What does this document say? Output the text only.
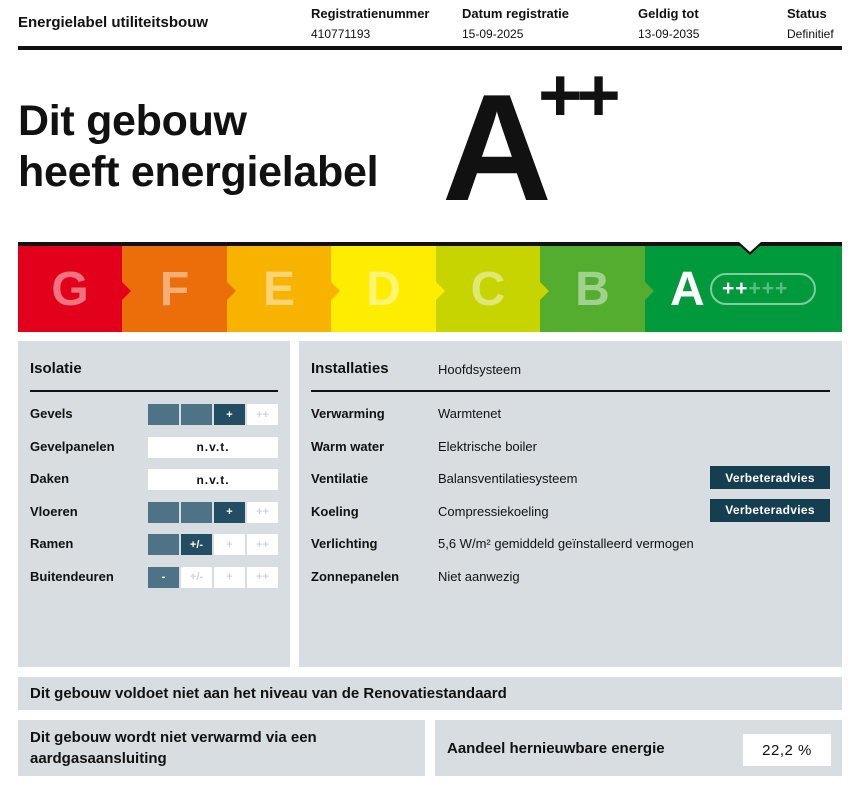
Energielabel utiliteitsbouw
Registratienummer
410771193
Datum registratie
15-09-2025
Geldig tot
13-09-2035
Status
Definitief
Dit gebouw
heeft energielabel A
++
G F E D C B A +++++
Isolatie
Gevels	+	++
Gevelpanelen	n.v.t.
Daken	n.v.t.
Vloeren	+	++
Ramen	+/-	+	++
Buitendeuren	-	+/-	+	++
Installaties	Hoofdsysteem
Verwarming	Warmtenet
Warm water	Elektrische boiler
Ventilatie	Balansventilatiesysteem	Verbeteradvies
Koeling	Compressiekoeling	Verbeteradvies
Verlichting	5,6 W/m² gemiddeld geïnstalleerd vermogen
Zonnepanelen	Niet aanwezig
Dit gebouw voldoet niet aan het niveau van de Renovatiestandaard
Dit gebouw wordt niet verwarmd via een aardgasaansluiting
Aandeel hernieuwbare energie	22,2 %
